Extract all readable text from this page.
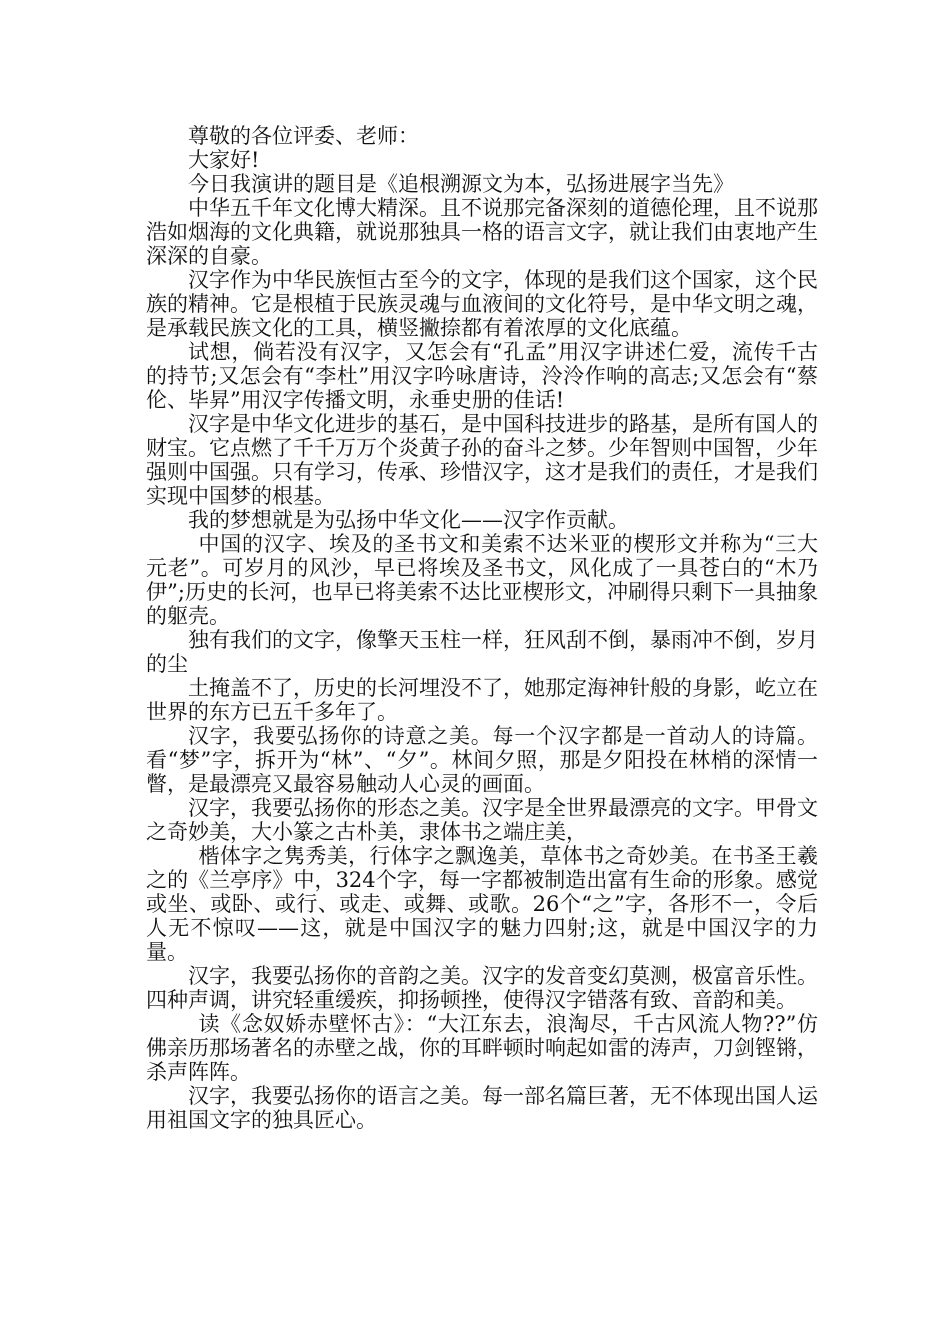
尊敬的各位评委、老师：

大家好!

今日我演讲的题目是《追根溯源文为本，弘扬进展字当先》

中华五千年文化博大精深。且不说那完备深刻的道德伦理，且不说那浩如烟海的文化典籍，就说那独具一格的语言文字，就让我们由衷地产生深深的自豪。

汉字作为中华民族恒古至今的文字，体现的是我们这个国家，这个民族的精神。它是根植于民族灵魂与血液间的文化符号，是中华文明之魂，是承载民族文化的工具，横竖撇捺都有着浓厚的文化底蕴。

试想，倘若没有汉字，又怎会有“孔孟”用汉字讲述仁爱，流传千古的持节;又怎会有“李杜”用汉字吟咏唐诗，泠泠作响的高志;又怎会有“蔡伦、毕昇”用汉字传播文明，永垂史册的佳话!

汉字是中华文化进步的基石，是中国科技进步的路基，是所有国人的财宝。它点燃了千千万万个炎黄子孙的奋斗之梦。少年智则中国智，少年强则中国强。只有学习，传承、珍惜汉字，这才是我们的责任，才是我们实现中国梦的根基。

我的梦想就是为弘扬中华文化——汉字作贡献。

中国的汉字、埃及的圣书文和美索不达米亚的楔形文并称为“三大元老”。可岁月的风沙，早已将埃及圣书文，风化成了一具苍白的“木乃伊”;历史的长河，也早已将美索不达比亚楔形文，冲刷得只剩下一具抽象的躯壳。

独有我们的文字，像擎天玉柱一样，狂风刮不倒，暴雨冲不倒，岁月的尘

土掩盖不了，历史的长河埋没不了，她那定海神针般的身影，屹立在世界的东方已五千多年了。

汉字，我要弘扬你的诗意之美。每一个汉字都是一首动人的诗篇。看“梦”字，拆开为“林”、“夕”。林间夕照，那是夕阳投在林梢的深情一瞥，是最漂亮又最容易触动人心灵的画面。

汉字，我要弘扬你的形态之美。汉字是全世界最漂亮的文字。甲骨文之奇妙美，大小篆之古朴美，隶体书之端庄美，

楷体字之隽秀美，行体字之飘逸美，草体书之奇妙美。在书圣王羲之的《兰亭序》中，324个字，每一字都被制造出富有生命的形象。感觉或坐、或卧、或行、或走、或舞、或歌。26个“之”字，各形不一，令后人无不惊叹——这，就是中国汉字的魅力四射;这，就是中国汉字的力量。

汉字，我要弘扬你的音韵之美。汉字的发音变幻莫测，极富音乐性。四种声调，讲究轻重缓疾，抑扬顿挫，使得汉字错落有致、音韵和美。

读《念奴娇赤壁怀古》：“大江东去，浪淘尽，千古风流人物??”仿佛亲历那场著名的赤壁之战，你的耳畔顿时响起如雷的涛声，刀剑铿锵，杀声阵阵。

汉字，我要弘扬你的语言之美。每一部名篇巨著，无不体现出国人运用祖国文字的独具匠心。
